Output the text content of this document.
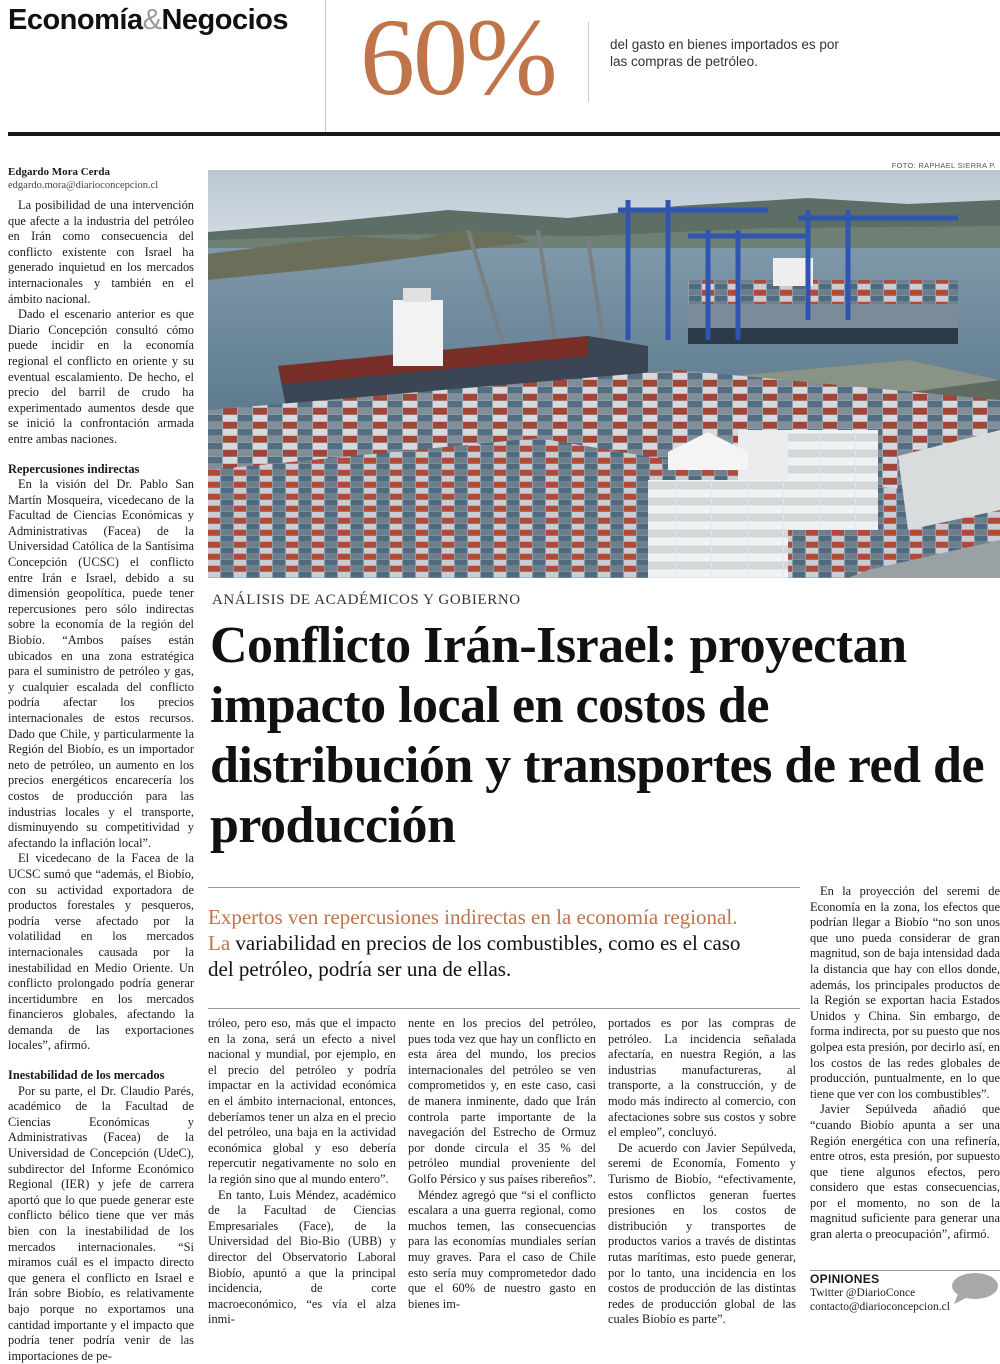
Economía&Negocios 60%	del gasto en bienes importados es por las compras de petróleo.
Edgardo Mora Cerda
edgardo.mora@diarioconcepcion.cl

La posibilidad de una intervención que afecte a la industria del petróleo en Irán como consecuencia del conflicto existente con Israel ha generado inquietud en los mercados internacionales y también en el ámbito nacional.

Dado el escenario anterior es que Diario Concepción consultó cómo puede incidir en la economía regional el conflicto en oriente y su eventual escalamiento. De hecho, el precio del barril de crudo ha experimentado aumentos desde que se inició la confrontación armada entre ambas naciones.

Repercusiones indirectas

En la visión del Dr. Pablo San Martín Mosqueira, vicedecano de la Facultad de Ciencias Económicas y Administrativas (Facea) de la Universidad Católica de la Santísima Concepción (UCSC) el conflicto entre Irán e Israel, debido a su dimensión geopolítica, puede tener repercusiones pero sólo indirectas sobre la economía de la región del Biobío. “Ambos países están ubicados en una zona estratégica para el suministro de petróleo y gas, y cualquier escalada del conflicto podría afectar los precios internacionales de estos recursos. Dado que Chile, y particularmente la Región del Biobío, es un importador neto de petróleo, un aumento en los precios energéticos encarecería los costos de producción para las industrias locales y el transporte, disminuyendo su competitividad y afectando la inflación local”.

El vicedecano de la Facea de la UCSC sumó que “además, el Biobío, con su actividad exportadora de productos forestales y pesqueros, podría verse afectado por la volatilidad en los mercados internacionales causada por la inestabilidad en Medio Oriente. Un conflicto prolongado podría generar incertidumbre en los mercados financieros globales, afectando la demanda de las exportaciones locales”, afirmó.

Inestabilidad de los mercados

Por su parte, el Dr. Claudio Parés, académico de la Facultad de Ciencias Económicas y Administrativas (Facea) de la Universidad de Concepción (UdeC), subdirector del Informe Económico Regional (IER) y jefe de carrera aportó que lo que puede generar este conflicto bélico tiene que ver más bien con la inestabilidad de los mercados internacionales. “Si miramos cuál es el impacto directo que genera el conflicto en Israel e Irán sobre Biobío, es relativamente bajo porque no exportamos una cantidad importante y el impacto que podría tener podría venir de las importaciones de pe-

FOTO: RAPHAEL SIERRA P.
ANÁLISIS DE ACADÉMICOS Y GOBIERNO
Conflicto Irán-Israel: proyectan impacto local en costos de distribución y transportes de red de producción
Expertos ven repercusiones indirectas en la economía regional. La variabilidad en precios de los combustibles, como es el caso del petróleo, podría ser una de ellas.

tróleo, pero eso, más que el impacto en la zona, será un efecto a nivel nacional y mundial, por ejemplo, en el precio del petróleo y podría impactar en la actividad económica en el ámbito internacional, entonces, deberíamos tener un alza en el precio del petróleo, una baja en la actividad económica global y eso debería repercutir negativamente no solo en la región sino que al mundo entero”.

En tanto, Luis Méndez, académico de la Facultad de Ciencias Empresariales (Face), de la Universidad del Bio-Bio (UBB) y director del Observatorio Laboral Biobío, apuntó a que la principal incidencia, de corte macroeconómico, “es vía el alza inmi-

nente en los precios del petróleo, pues toda vez que hay un conflicto en esta área del mundo, los precios internacionales del petróleo se ven comprometidos y, en este caso, casi de manera inminente, dado que Irán controla parte importante de la navegación del Estrecho de Ormuz por donde circula el 35 % del petróleo mundial proveniente del Golfo Pérsico y sus países ribereños”.

Méndez agregó que “si el conflicto escalara a una guerra regional, como muchos temen, las consecuencias para las economías mundiales serían muy graves. Para el caso de Chile esto sería muy comprometedor dado que el 60% de nuestro gasto en bienes im-

portados es por las compras de petróleo. La incidencia señalada afectaría, en nuestra Región, a las industrias manufactureras, al transporte, a la construcción, y de modo más indirecto al comercio, con afectaciones sobre sus costos y sobre el empleo”, concluyó.

De acuerdo con Javier Sepúlveda, seremi de Economía, Fomento y Turismo de Biobío, “efectivamente, estos conflictos generan fuertes presiones en los costos de distribución y transportes de productos varios a través de distintas rutas marítimas, esto puede generar, por lo tanto, una incidencia en los costos de producción de las distintas redes de producción global de las cuales Biobío es parte”.

En la proyección del seremi de Economía en la zona, los efectos que podrían llegar a Biobío “no son unos que uno pueda considerar de gran magnitud, son de baja intensidad dada la distancia que hay con ellos donde, además, los principales productos de la Región se exportan hacia Estados Unidos y China. Sin embargo, de forma indirecta, por su puesto que nos golpea esta presión, por decirlo así, en los costos de las redes globales de producción, puntualmente, en lo que tiene que ver con los combustibles”.

Javier Sepúlveda añadió que “cuando Biobío apunta a ser una Región energética con una refinería, entre otros, esta presión, por supuesto que tiene algunos efectos, pero considero que estas consecuencias, por el momento, no son de la magnitud suficiente para generar una gran alerta o preocupación”, afirmó.

OPINIONES
Twitter @DiarioConce
contacto@diarioconcepcion.cl
